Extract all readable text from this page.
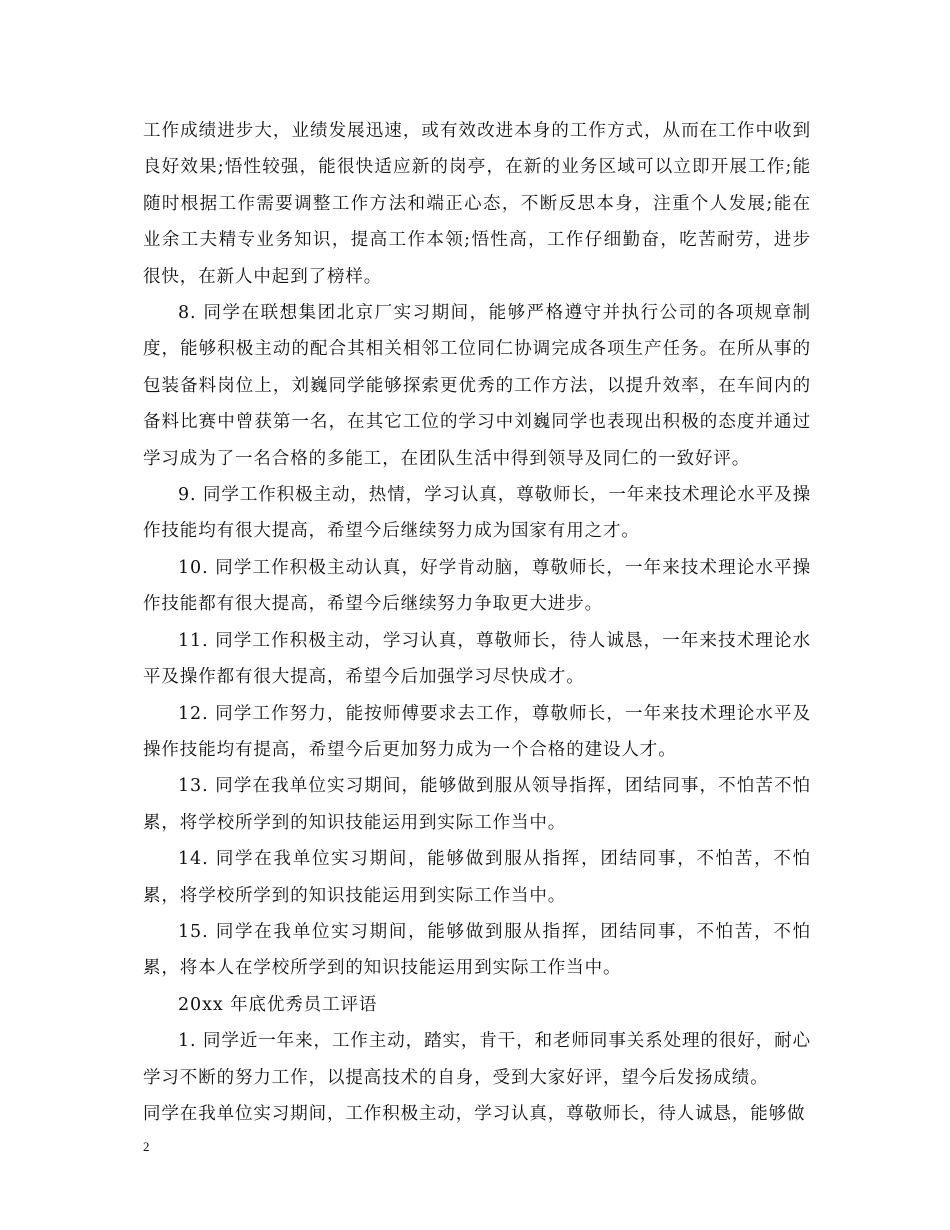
工作成绩进步大，业绩发展迅速，或有效改进本身的工作方式，从而在工作中收到良好效果;悟性较强，能很快适应新的岗亭，在新的业务区域可以立即开展工作;能随时根据工作需要调整工作方法和端正心态，不断反思本身，注重个人发展;能在业余工夫精专业务知识，提高工作本领;悟性高，工作仔细勤奋，吃苦耐劳，进步很快，在新人中起到了榜样。

8. 同学在联想集团北京厂实习期间，能够严格遵守并执行公司的各项规章制度，能够积极主动的配合其相关相邻工位同仁协调完成各项生产任务。在所从事的包装备料岗位上，刘巍同学能够探索更优秀的工作方法，以提升效率，在车间内的备料比赛中曾获第一名，在其它工位的学习中刘巍同学也表现出积极的态度并通过学习成为了一名合格的多能工，在团队生活中得到领导及同仁的一致好评。

9. 同学工作积极主动，热情，学习认真，尊敬师长，一年来技术理论水平及操作技能均有很大提高，希望今后继续努力成为国家有用之才。

10. 同学工作积极主动认真，好学肯动脑，尊敬师长，一年来技术理论水平操作技能都有很大提高，希望今后继续努力争取更大进步。

11. 同学工作积极主动，学习认真，尊敬师长，待人诚恳，一年来技术理论水平及操作都有很大提高，希望今后加强学习尽快成才。

12. 同学工作努力，能按师傅要求去工作，尊敬师长，一年来技术理论水平及操作技能均有提高，希望今后更加努力成为一个合格的建设人才。

13. 同学在我单位实习期间，能够做到服从领导指挥，团结同事，不怕苦不怕累，将学校所学到的知识技能运用到实际工作当中。

14. 同学在我单位实习期间，能够做到服从指挥，团结同事，不怕苦，不怕累，将学校所学到的知识技能运用到实际工作当中。

15. 同学在我单位实习期间，能够做到服从指挥，团结同事，不怕苦，不怕累，将本人在学校所学到的知识技能运用到实际工作当中。

20xx 年底优秀员工评语

1. 同学近一年来，工作主动，踏实，肯干，和老师同事关系处理的很好，耐心学习不断的努力工作，以提高技术的自身，受到大家好评，望今后发扬成绩。

同学在我单位实习期间，工作积极主动，学习认真，尊敬师长，待人诚恳，能够做

2
